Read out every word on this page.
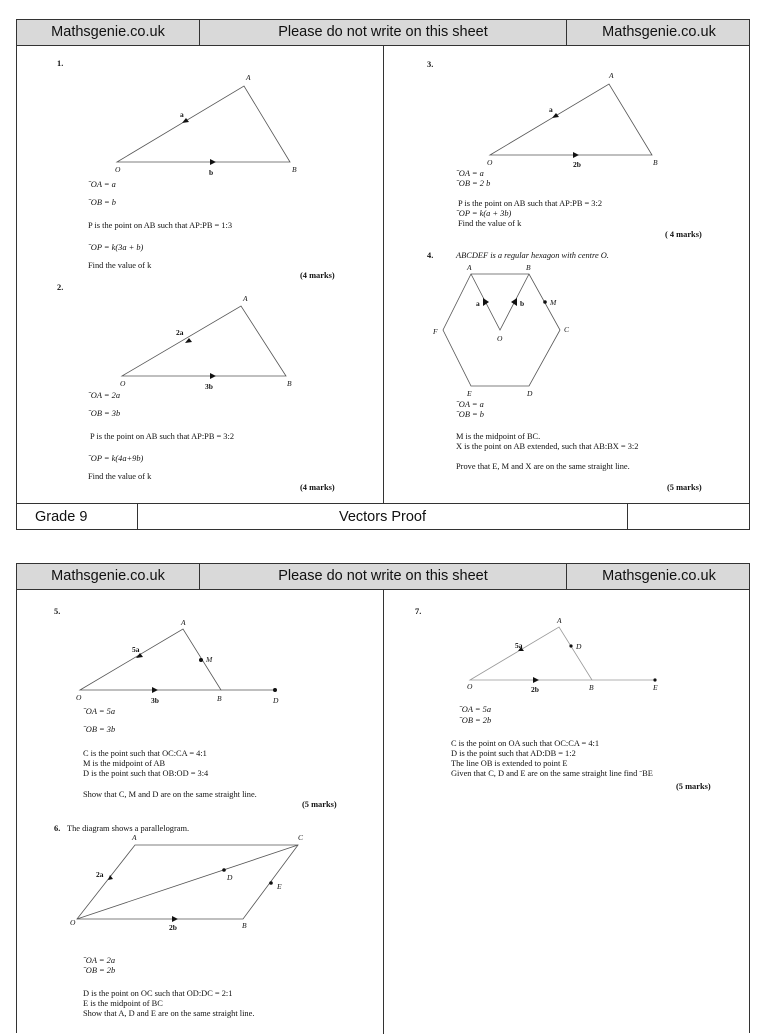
Mathsgenie.co.uk	Please do not write on this sheet	Mathsgenie.co.uk
Grade 9	Vectors Proof
Mathsgenie.co.uk	Please do not write on this sheet	Mathsgenie.co.uk
A
O	B
a
b
A
O	B
2a
3b
A
O	B
a
2b
A	B
C
D
E
F
O
M
a	b
A
O	B	D
M
5a
3b
A	C
O	B
D
E
2a
2b
A
O	B
D
E
5a
2b
1.
ˉOA = a
ˉOB = b
P is the point on AB such that AP:PB = 1:3
ˉOP = k(3a + b)
Find the value of k
(4 marks)
2.
ˉOA = 2a
ˉOB = 3b
P is the point on AB such that AP:PB = 3:2
ˉOP = k(4a+9b)
Find the value of k
(4 marks)
3.
ˉOA = a
ˉOB = 2 b
P is the point on AB such that AP:PB = 3:2
ˉOP = k(a + 3b)
Find the value of k
( 4 marks)
4.	ABCDEF is a regular hexagon with centre O.
ˉOA = a
ˉOB = b
M is the midpoint of BC.
X is the point on AB extended, such that AB:BX = 3:2
Prove that E, M and X are on the same straight line.
(5 marks)
5.
ˉOA = 5a
ˉOB = 3b
C is the point such that OC:CA = 4:1
M is the midpoint of AB
D is the point such that OB:OD = 3:4
Show that C, M and D are on the same straight line.
(5 marks)
6. The diagram shows a parallelogram.
ˉOA = 2a
ˉOB = 2b
D is the point on OC such that OD:DC = 2:1
E is the midpoint of BC
Show that A, D and E are on the same straight line.
7.
ˉOA = 5a
ˉOB = 2b
C is the point on OA such that OC:CA = 4:1
D is the point such that AD:DB = 1:2
The line OB is extended to point E
Given that C, D and E are on the same straight line find ˉBE
(5 marks)
